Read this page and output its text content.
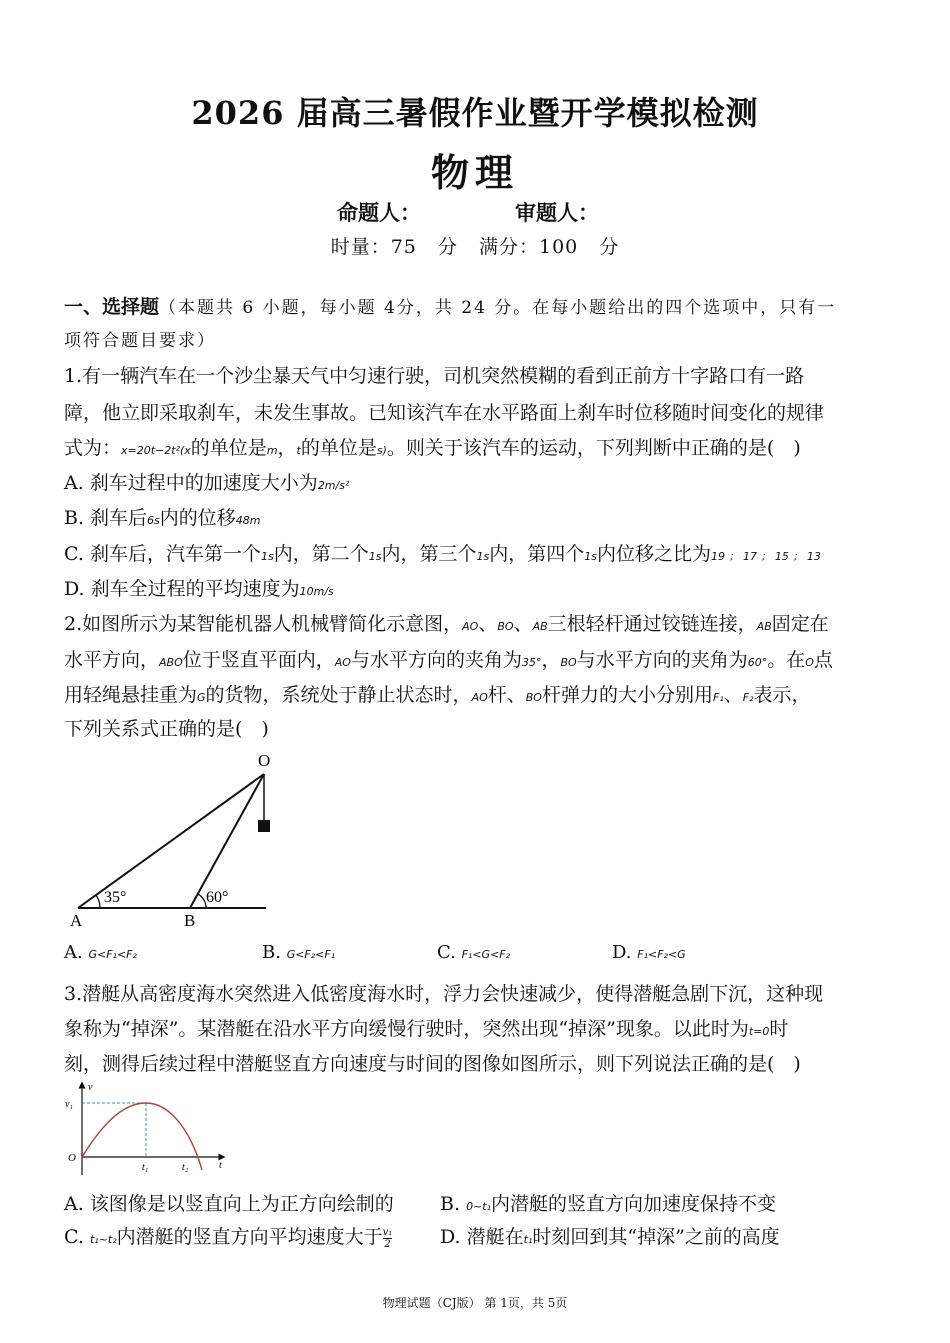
2026 届高三暑假作业暨开学模拟检测
物理
命题人：	审题人：
时量：75 分 满分：100 分
一、选择题（本题共 6 小题，每小题 4分，共 24 分。在每小题给出的四个选项中，只有一
项符合题目要求）
1.有一辆汽车在一个沙尘暴天气中匀速行驶，司机突然模糊的看到正前方十字路口有一路
障，他立即采取刹车，未发生事故。已知该汽车在水平路面上刹车时位移随时间变化的规律
式为：x=20t−2t²(x的单位是m，t的单位是s)。则关于该汽车的运动，下列判断中正确的是(　)
A. 刹车过程中的加速度大小为2m/s²
B. 刹车后6s内的位移48m
C. 刹车后，汽车第一个1s内，第二个1s内，第三个1s内，第四个1s内位移之比为19 ； 17 ； 15 ； 13
D. 刹车全过程的平均速度为10m/s
2.如图所示为某智能机器人机械臂简化示意图，AO、BO、AB三根轻杆通过铰链连接，AB固定在
水平方向，ABO位于竖直平面内，AO与水平方向的夹角为35°，BO与水平方向的夹角为60°。在O点
用轻绳悬挂重为G的货物，系统处于静止状态时，AO杆、BO杆弹力的大小分别用F₁、F₂表示，
下列关系式正确的是(　)
O
A	B
35°	60°
A. G<F₁<F₂	B. G<F₂<F₁	C. F₁<G<F₂	D. F₁<F₂<G
3.潜艇从高密度海水突然进入低密度海水时，浮力会快速减少，使得潜艇急剧下沉，这种现
象称为“掉深”。某潜艇在沿水平方向缓慢行驶时，突然出现“掉深”现象。以此时为t=0时
刻，测得后续过程中潜艇竖直方向速度与时间的图像如图所示，则下列说法正确的是(　)
v
t
O
v₁
t₁	t₂
A. 该图像是以竖直向上为正方向绘制的 B. 0~t₁内潜艇的竖直方向加速度保持不变
C. t₁~t₂内潜艇的竖直方向平均速度大于 $\frac{\text{v₁}}{2}$	D. 潜艇在t₁时刻回到其“掉深”之前的高度
物理试题（CJ版） 第 1页，共 5页
